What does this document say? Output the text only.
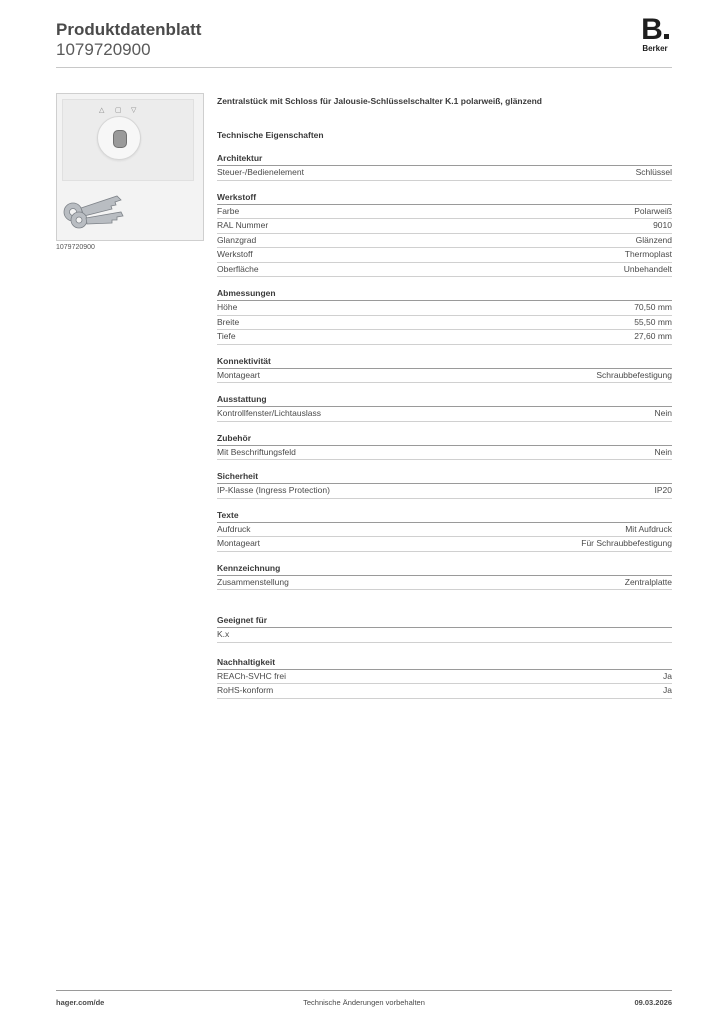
Produktdatenblatt
1079720900
B
Berker
△ ▢ ▽
1079720900
Zentralstück mit Schloss für Jalousie-Schlüsselschalter K.1 polarweiß, glänzend
Technische Eigenschaften
Architektur
Steuer-/Bedienelement	Schlüssel
Werkstoff
Farbe	Polarweiß
RAL Nummer	9010
Glanzgrad	Glänzend
Werkstoff	Thermoplast
Oberfläche	Unbehandelt
Abmessungen
Höhe	70,50 mm
Breite	55,50 mm
Tiefe	27,60 mm
Konnektivität
Montageart	Schraubbefestigung
Ausstattung
Kontrollfenster/Lichtauslass	Nein
Zubehör
Mit Beschriftungsfeld	Nein
Sicherheit
IP-Klasse (Ingress Protection)	IP20
Texte
Aufdruck	Mit Aufdruck
Montageart	Für Schraubbefestigung
Kennzeichnung
Zusammenstellung	Zentralplatte
Geeignet für
K.x
Nachhaltigkeit
REACh-SVHC frei	Ja
RoHS-konform	Ja
hager.com/de	Technische Änderungen vorbehalten	09.03.2026
